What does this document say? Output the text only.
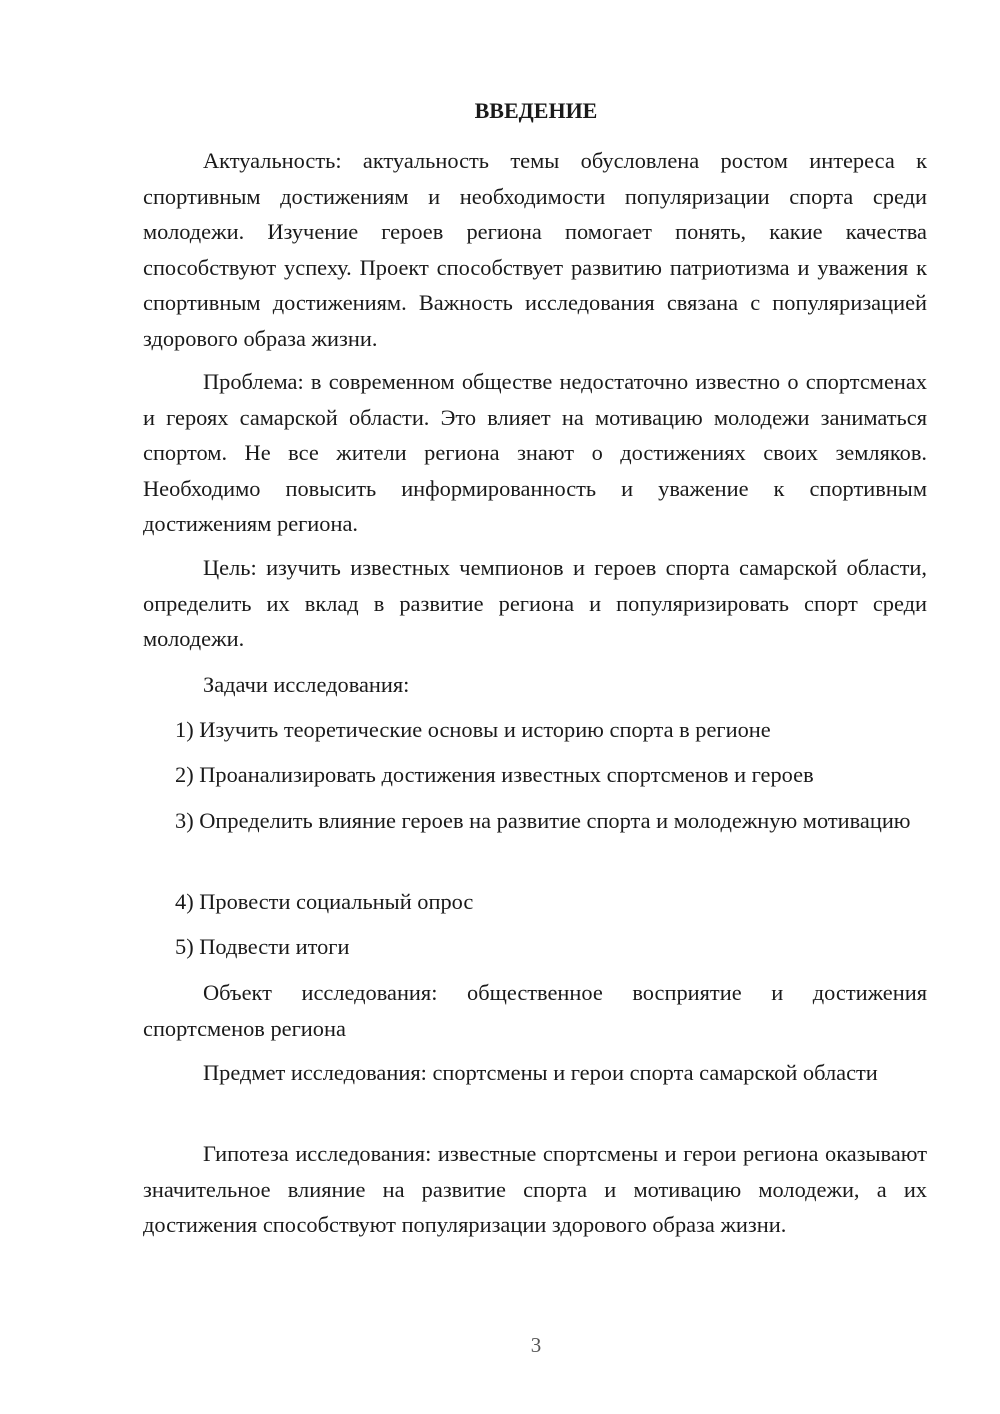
ВВЕДЕНИЕ

Актуальность: актуальность темы обусловлена ростом интереса к спортивным достижениям и необходимости популяризации спорта среди молодежи. Изучение героев региона помогает понять, какие качества способствуют успеху. Проект способствует развитию патриотизма и уважения к спортивным достижениям. Важность исследования связана с популяризацией здорового образа жизни.

Проблема: в современном обществе недостаточно известно о спортсменах и героях самарской области. Это влияет на мотивацию молодежи заниматься спортом. Не все жители региона знают о достижениях своих земляков. Необходимо повысить информированность и уважение к спортивным достижениям региона.

Цель: изучить известных чемпионов и героев спорта самарской области, определить их вклад в развитие региона и популяризировать спорт среди молодежи.

Задачи исследования:

1) Изучить теоретические основы и историю спорта в регионе

2) Проанализировать достижения известных спортсменов и героев

3) Определить влияние героев на развитие спорта и молодежную мотивацию

4) Провести социальный опрос

5) Подвести итоги

Объект исследования: общественное восприятие и достижения спортсменов региона

Предмет исследования: спортсмены и герои спорта самарской области

Гипотеза исследования: известные спортсмены и герои региона оказывают значительное влияние на развитие спорта и мотивацию молодежи, а их достижения способствуют популяризации здорового образа жизни.

3
